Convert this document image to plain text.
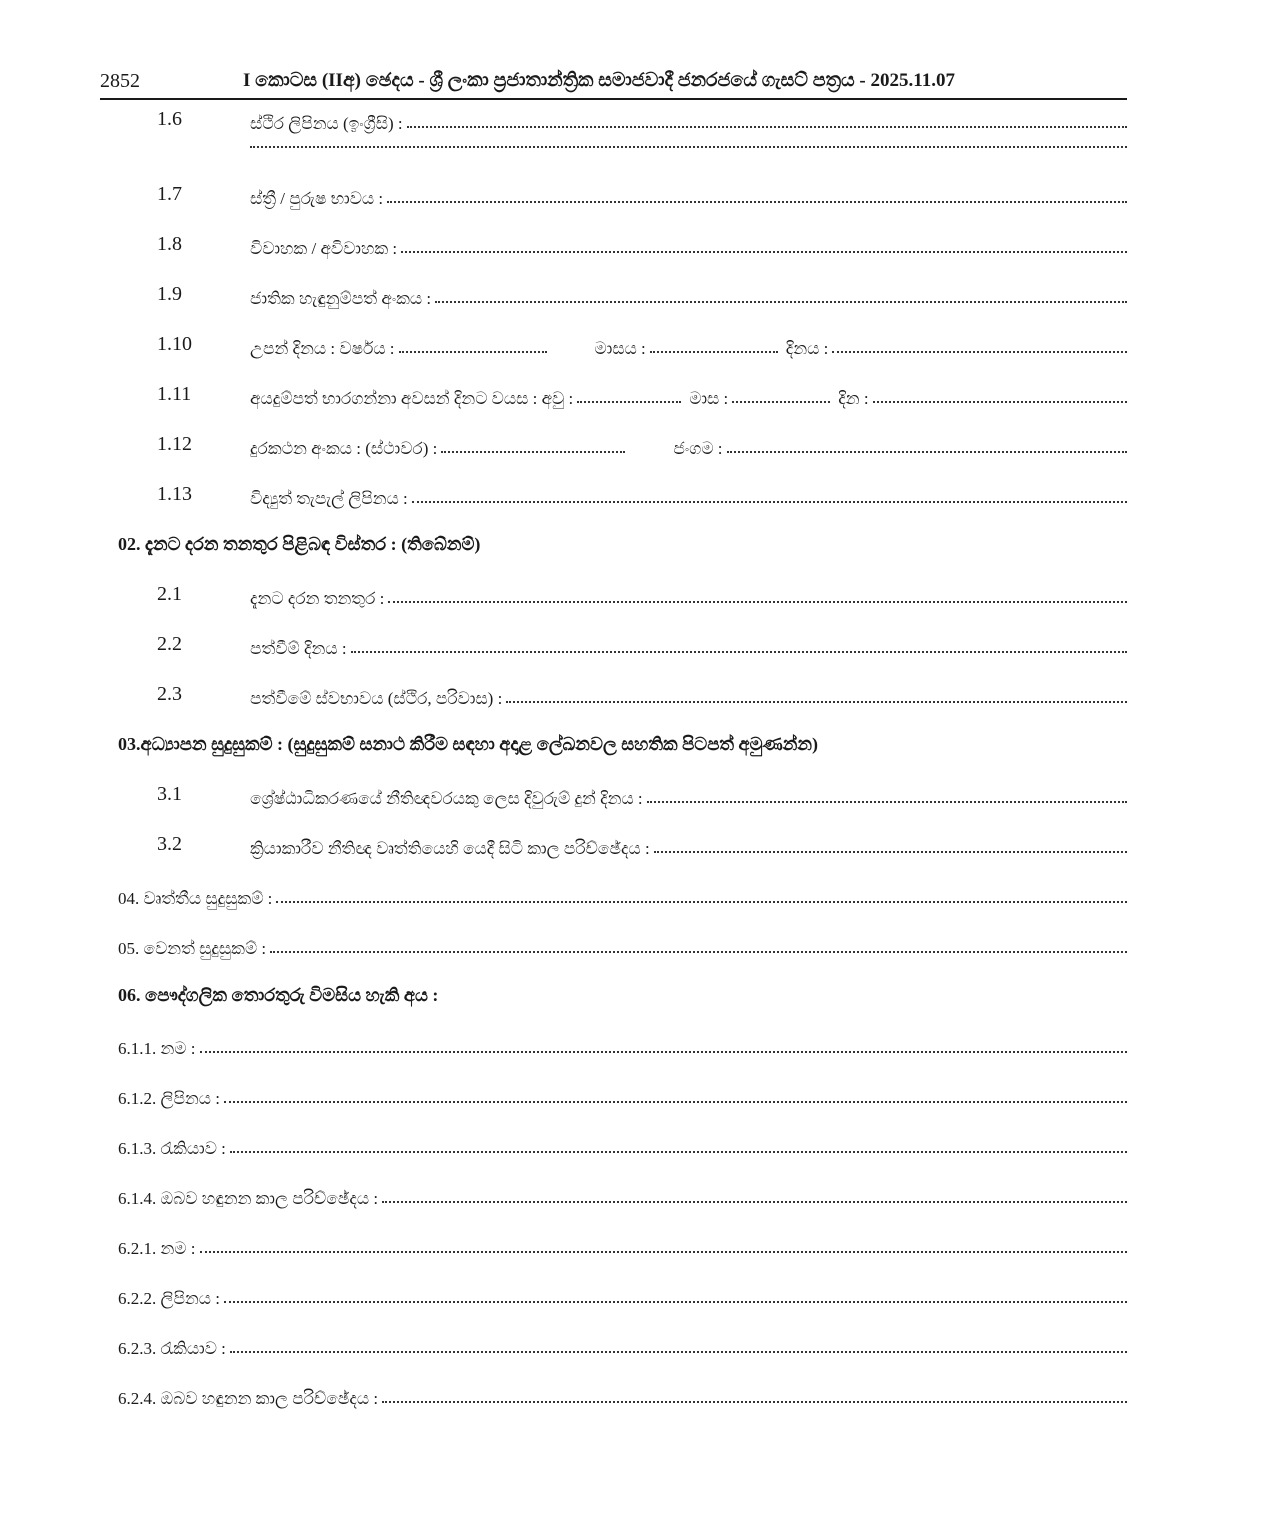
2852	I කොටස (IIඅ) ඡෙදය - ශ්‍රී ලංකා ප්‍රජාතාන්ත්‍රික සමාජවාදී ජනරජයේ ගැසට් පත්‍රය - 2025.11.07
1.6	ස්ථිර ලිපිනය (ඉංග්‍රීසි) :
1.7	ස්ත්‍රී / පුරුෂ භාවය :
1.8	විවාහක / අවිවාහක :
1.9	ජාතික හැඳුනුම්පත් අංකය :
1.10	උපන් දිනය : වර්ෂය :	මාසය :	දිනය :
1.11	අයදුම්පත් භාරගන්නා අවසන් දිනට වයස : අවු :	මාස :	දින :
1.12	දුරකථන අංකය : (ස්ථාවර) :	ජංගම :
1.13	විද්‍යුත් තැපැල් ලිපිනය :
02. දැනට දරන තනතුර පිළිබඳ විස්තර : (තිබේනම්)
2.1	දැනට දරන තනතුර :
2.2	පත්වීම් දිනය :
2.3	පත්වීමේ ස්වභාවය (ස්ථිර, පරිවාස) :
03.අධ්‍යාපන සුදුසුකම් : (සුදුසුකම් සනාථ කිරීම සඳහා අදාළ ලේඛනවල සහතික පිටපත් අමුණන්න)
3.1	ශ්‍රේෂ්ඨාධිකරණයේ නීතිඥවරයකු ලෙස දිවුරුම් දුන් දිනය :
3.2	ක්‍රියාකාරීව නීතිඥ වෘත්තියෙහි යෙදී සිටි කාල පරිච්ඡේදය :
04. වෘත්තීය සුදුසුකම් :
05. වෙනත් සුදුසුකම් :
06. පෞද්ගලික තොරතුරු විමසිය හැකි අය :
6.1.1. නම :
6.1.2. ලිපිනය :
6.1.3. රැකියාව :
6.1.4. ඔබව හඳුනන කාල පරිච්ඡේදය :
6.2.1. නම :
6.2.2. ලිපිනය :
6.2.3. රැකියාව :
6.2.4. ඔබව හඳුනන කාල පරිච්ඡේදය :
